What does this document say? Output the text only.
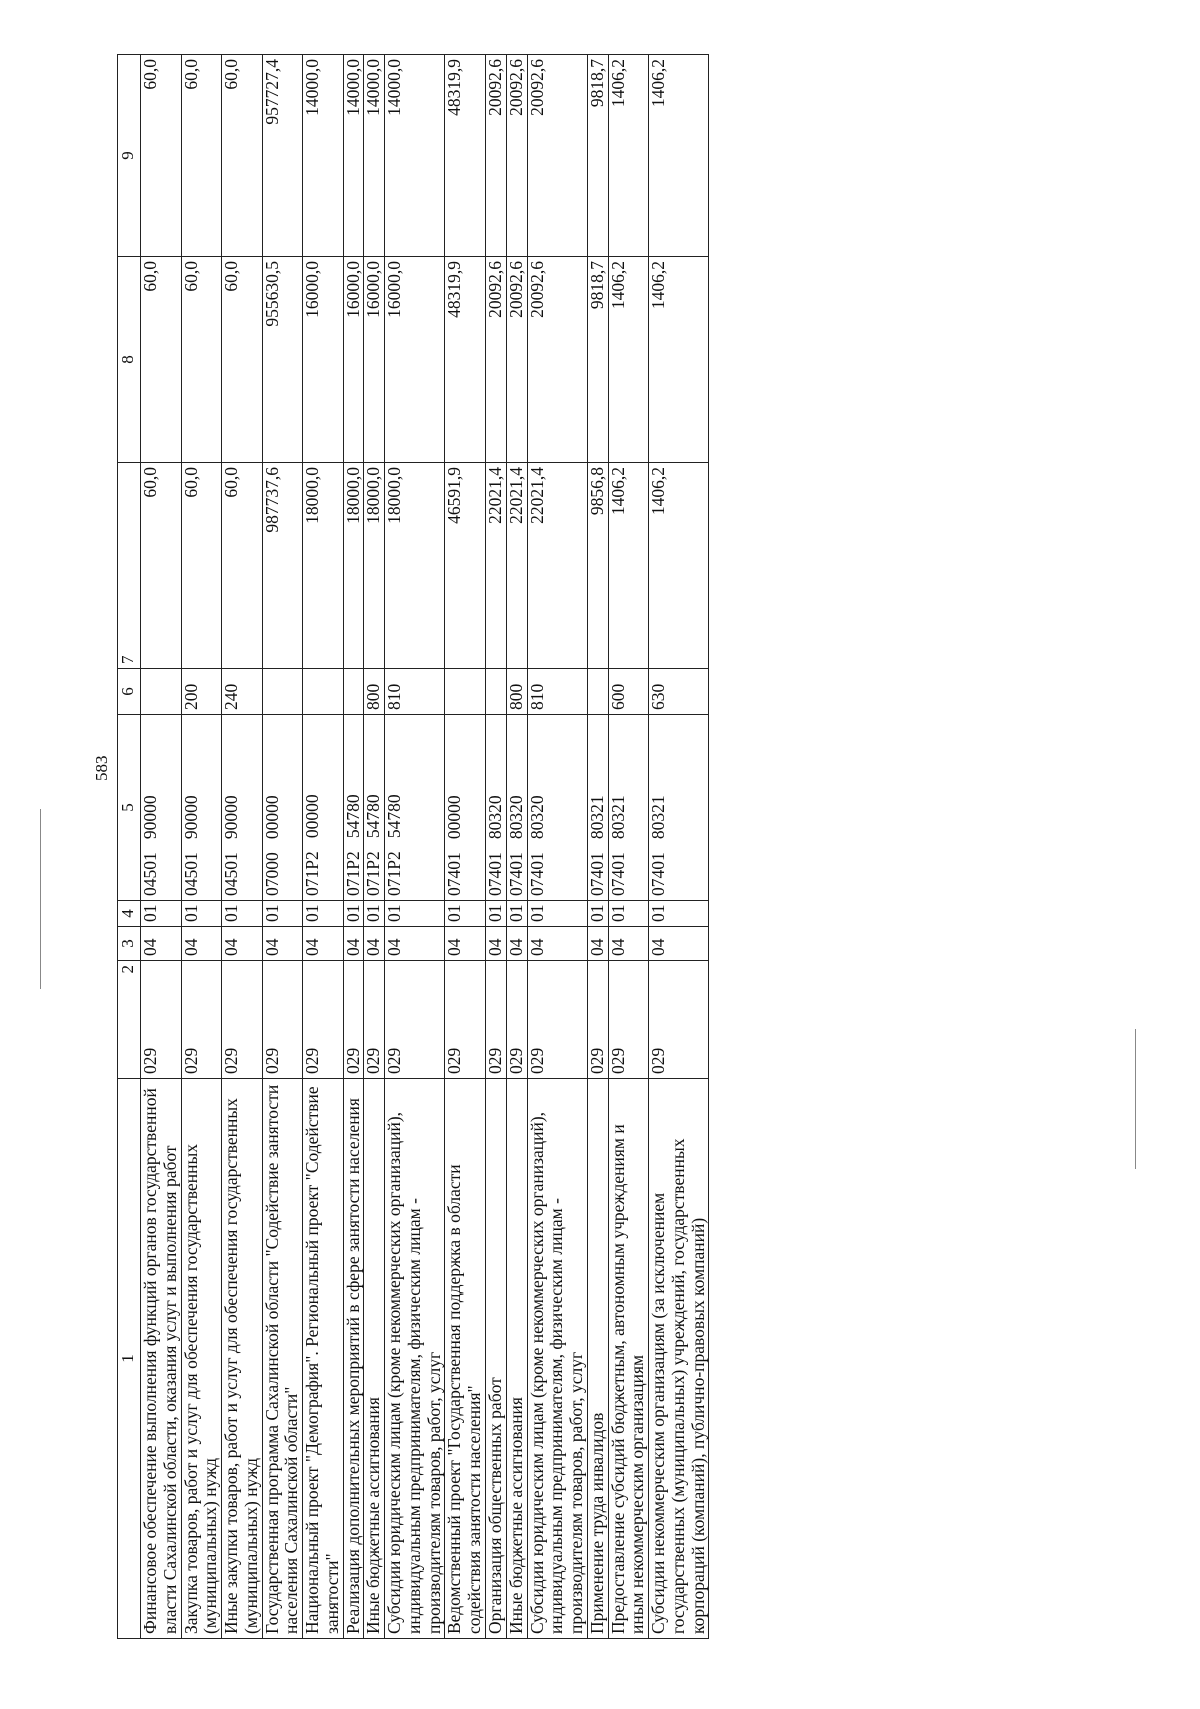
583
1	2	3	4	5	6	7	8	9
Финансовое обеспечение выполнения функций органов государственной власти Сахалинской области, оказания услуг и выполнения работ	029	04	01	04501   90000		60,0	60,0	60,0
Закупка товаров, работ и услуг для обеспечения государственных (муниципальных) нужд	029	04	01	04501   90000	200	60,0	60,0	60,0
Иные закупки товаров, работ и услуг для обеспечения государственных (муниципальных) нужд	029	04	01	04501   90000	240	60,0	60,0	60,0
Государственная программа Сахалинской области "Содействие занятости населения Сахалинской области"	029	04	01	07000   00000		987737,6	955630,5	957727,4
Национальный проект "Демография". Региональный проект "Содействие занятости"	029	04	01	071P2   00000		18000,0	16000,0	14000,0
Реализация дополнительных мероприятий в сфере занятости населения	029	04	01	071P2   54780		18000,0	16000,0	14000,0
Иные бюджетные ассигнования	029	04	01	071P2   54780	800	18000,0	16000,0	14000,0
Субсидии юридическим лицам (кроме некоммерческих организаций), индивидуальным предпринимателям, физическим лицам - производителям товаров, работ, услуг	029	04	01	071P2   54780	810	18000,0	16000,0	14000,0
Ведомственный проект "Государственная поддержка в области содействия занятости населения"	029	04	01	07401   00000		46591,9	48319,9	48319,9
Организация общественных работ	029	04	01	07401   80320		22021,4	20092,6	20092,6
Иные бюджетные ассигнования	029	04	01	07401   80320	800	22021,4	20092,6	20092,6
Субсидии юридическим лицам (кроме некоммерческих организаций), индивидуальным предпринимателям, физическим лицам - производителям товаров, работ, услуг	029	04	01	07401   80320	810	22021,4	20092,6	20092,6
Применение труда инвалидов	029	04	01	07401   80321		9856,8	9818,7	9818,7
Предоставление субсидий бюджетным, автономным учреждениям и иным некоммерческим организациям	029	04	01	07401   80321	600	1406,2	1406,2	1406,2
Субсидии некоммерческим организациям (за исключением государственных (муниципальных) учреждений, государственных корпораций (компаний), публично-правовых компаний)	029	04	01	07401   80321	630	1406,2	1406,2	1406,2
